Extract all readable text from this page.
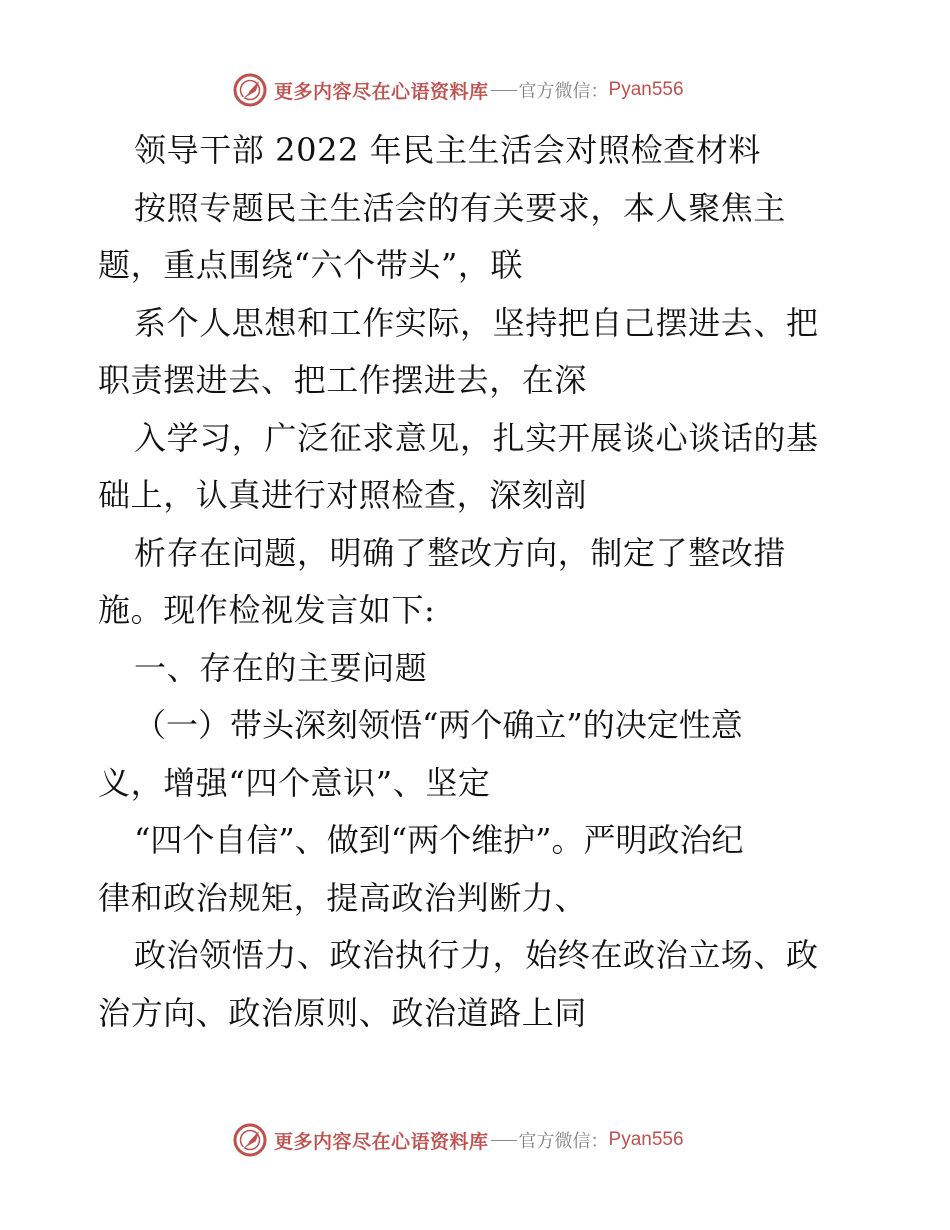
更多内容尽在心语资料库 官方微信： Pyan556
领导干部 2022 年民主生活会对照检查材料
按照专题民主生活会的有关要求，本人聚焦主
题，重点围绕“六个带头”，联
系个人思想和工作实际，坚持把自己摆进去、把
职责摆进去、把工作摆进去，在深
入学习，广泛征求意见，扎实开展谈心谈话的基
础上，认真进行对照检查，深刻剖
析存在问题，明确了整改方向，制定了整改措
施。现作检视发言如下:
一、存在的主要问题
（一）带头深刻领悟“两个确立”的决定性意
义，增强“四个意识”、坚定
“四个自信”、做到“两个维护”。严明政治纪
律和政治规矩，提高政治判断力、
政治领悟力、政治执行力，始终在政治立场、政
治方向、政治原则、政治道路上同
更多内容尽在心语资料库 官方微信： Pyan556
